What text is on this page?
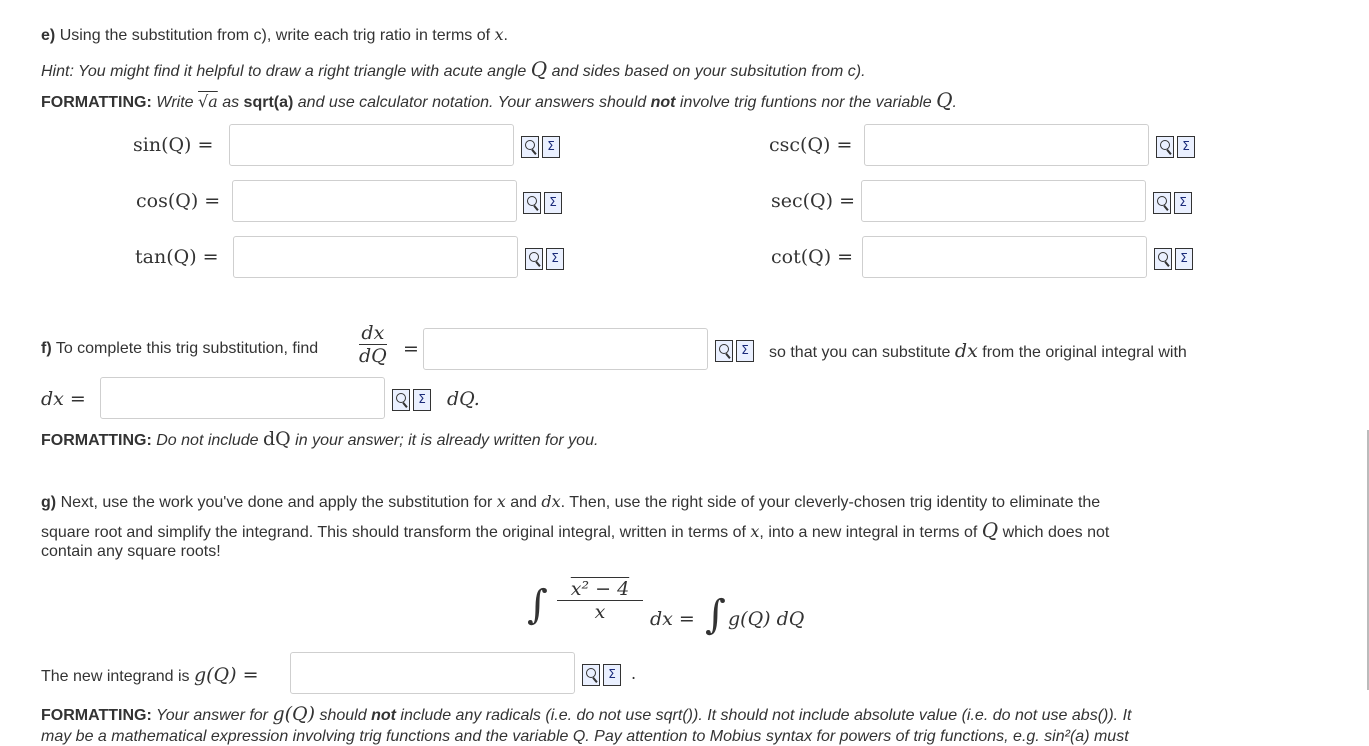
e) Using the substitution from c), write each trig ratio in terms of x.
Hint: You might find it helpful to draw a right triangle with acute angle Q and sides based on your subsitution from c).
FORMATTING: Write √a as sqrt(a) and use calculator notation. Your answers should not involve trig funtions nor the variable Q.
sin(Q) =	Σ	csc(Q) =	Σ
cos(Q) =	Σ	sec(Q) =	Σ
tan(Q) =	Σ	cot(Q) =	Σ
f) To complete this trig substitution, find $\frac{dx}{dQ}$ =	Σ	so that you can substitute dx from the original integral with
dx =	Σ dQ.
FORMATTING: Do not include dQ in your answer; it is already written for you.
g) Next, use the work you've done and apply the substitution for x and dx. Then, use the right side of your cleverly-chosen trig identity to eliminate the
square root and simplify the integrand. This should transform the original integral, written in terms of x, into a new integral in terms of Q which does not
contain any square roots!
∫ $\frac{\text{x² − 4}}{x}$ dx = ∫ g(Q) dQ
The new integrand is g(Q) =	Σ .
FORMATTING: Your answer for g(Q) should not include any radicals (i.e. do not use sqrt()). It should not include absolute value (i.e. do not use abs()). It
may be a mathematical expression involving trig functions and the variable Q. Pay attention to Mobius syntax for powers of trig functions, e.g. sin²(a) must
